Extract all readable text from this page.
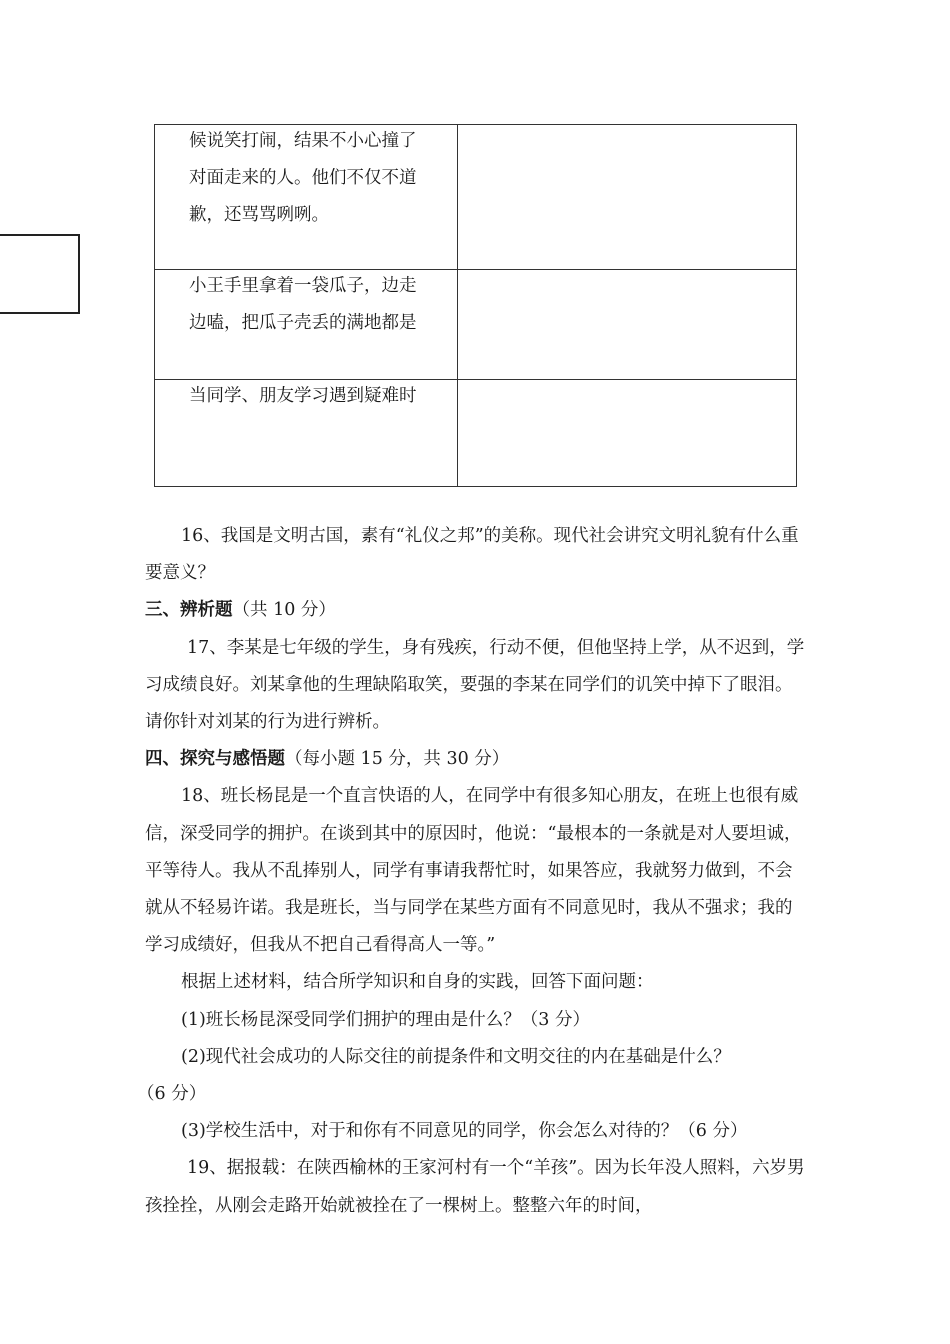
候说笑打闹，结果不小心撞了对面走来的人。他们不仅不道歉，还骂骂咧咧。	

小王手里拿着一袋瓜子，边走边嗑，把瓜子壳丢的满地都是	

当同学、朋友学习遇到疑难时	

16、我国是文明古国，素有“礼仪之邦”的美称。现代社会讲究文明礼貌有什么重要意义？

三、辨析题（共 10 分）

17、李某是七年级的学生，身有残疾，行动不便，但他坚持上学，从不迟到，学习成绩良好。刘某拿他的生理缺陷取笑，要强的李某在同学们的讥笑中掉下了眼泪。请你针对刘某的行为进行辨析。

四、探究与感悟题（每小题 15 分，共 30 分）

18、班长杨昆是一个直言快语的人，在同学中有很多知心朋友，在班上也很有威信，深受同学的拥护。在谈到其中的原因时，他说：“最根本的一条就是对人要坦诚，平等待人。我从不乱捧别人，同学有事请我帮忙时，如果答应，我就努力做到，不会就从不轻易许诺。我是班长，当与同学在某些方面有不同意见时，我从不强求；我的学习成绩好，但我从不把自己看得高人一等。”

根据上述材料，结合所学知识和自身的实践，回答下面问题：

(1)班长杨昆深受同学们拥护的理由是什么？（3 分）

(2)现代社会成功的人际交往的前提条件和文明交往的内在基础是什么？

（6 分）

(3)学校生活中，对于和你有不同意见的同学，你会怎么对待的？（6 分）

19、据报载：在陕西榆林的王家河村有一个“羊孩”。因为长年没人照料，六岁男孩拴拴，从刚会走路开始就被拴在了一棵树上。整整六年的时间，
